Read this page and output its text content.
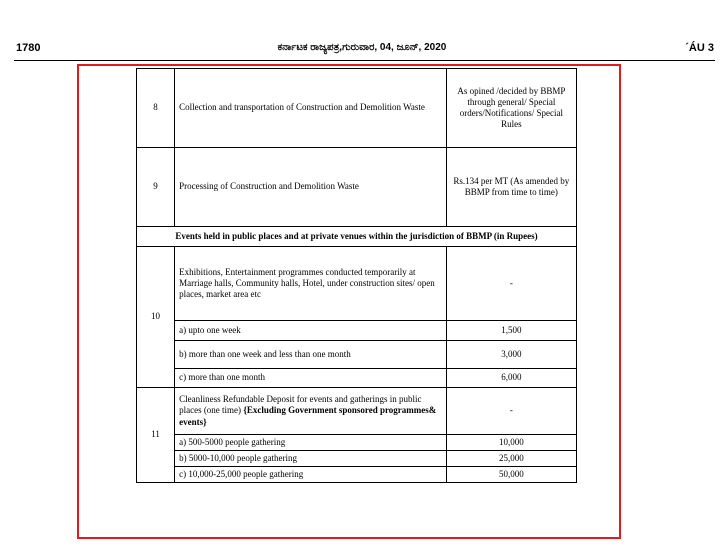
1780	ಕರ್ನಾಟಕ ರಾಜ್ಯಪತ್ರ,ಗುರುವಾರ, 04, ಜೂನ್, 2020	´ÁU 3
8	Collection and transportation of Construction and Demolition Waste	As opined /decided by BBMP through general/ Special orders/Notifications/ Special Rules
9	Processing of Construction and Demolition Waste	Rs.134 per MT (As amended by BBMP from time to time)
Events held in public places and at private venues within the jurisdiction of BBMP (in Rupees)		
10	Exhibitions, Entertainment programmes conducted temporarily at Marriage halls, Community halls, Hotel, under construction sites/ open places, market area etc	-
	a) upto one week	1,500
	b) more than one week and less than one month	3,000
	c) more than one month	6,000
11	Cleanliness Refundable Deposit for events and gatherings in public places (one time) {Excluding Government sponsored programmes& events}	-
	a) 500-5000 people gathering	10,000
	b) 5000-10,000 people gathering	25,000
	c) 10,000-25,000 people gathering	50,000
